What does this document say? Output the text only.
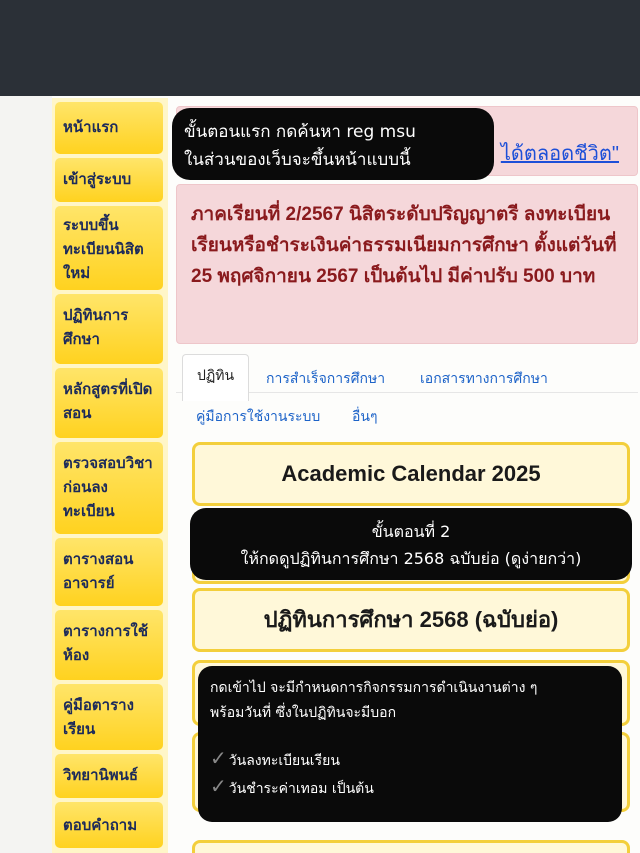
หน้าแรก
เข้าสู่ระบบ
ระบบขึ้นทะเบียนนิสิตใหม่
ปฏิทินการศึกษา
หลักสูตรที่เปิดสอน
ตรวจสอบวิชาก่อนลงทะเบียน
ตารางสอนอาจารย์
ตารางการใช้ห้อง
คู่มือตารางเรียน
วิทยานิพนธ์
ตอบคำถาม
ได้ตลอดชีวิต"
ภาคเรียนที่ 2/2567 นิสิตระดับปริญญาตรี ลงทะเบียนเรียนหรือชำระเงินค่าธรรมเนียมการศึกษา ตั้งแต่วันที่ 25 พฤศจิกายน 2567 เป็นต้นไป มีค่าปรับ 500 บาท
ปฏิทิน	การสำเร็จการศึกษา เอกสารทางการศึกษา
คู่มือการใช้งานระบบ อื่นๆ
Academic Calendar 2025
ปฏิทินการศึกษา 2568 (ฉบับย่อ)
ขั้นตอนแรก กดค้นหา reg msu
ในส่วนของเว็บจะขึ้นหน้าแบบนี้
ขั้นตอนที่ 2
ให้กดดูปฏิทินการศึกษา 2568 ฉบับย่อ (ดูง่ายกว่า)
กดเข้าไป จะมีกำหนดการกิจกรรมการดำเนินงานต่าง ๆ
พร้อมวันที่ ซึ่งในปฏิทินจะมีบอก
✓ วันลงทะเบียนเรียน
✓ วันชำระค่าเทอม เป็นต้น
